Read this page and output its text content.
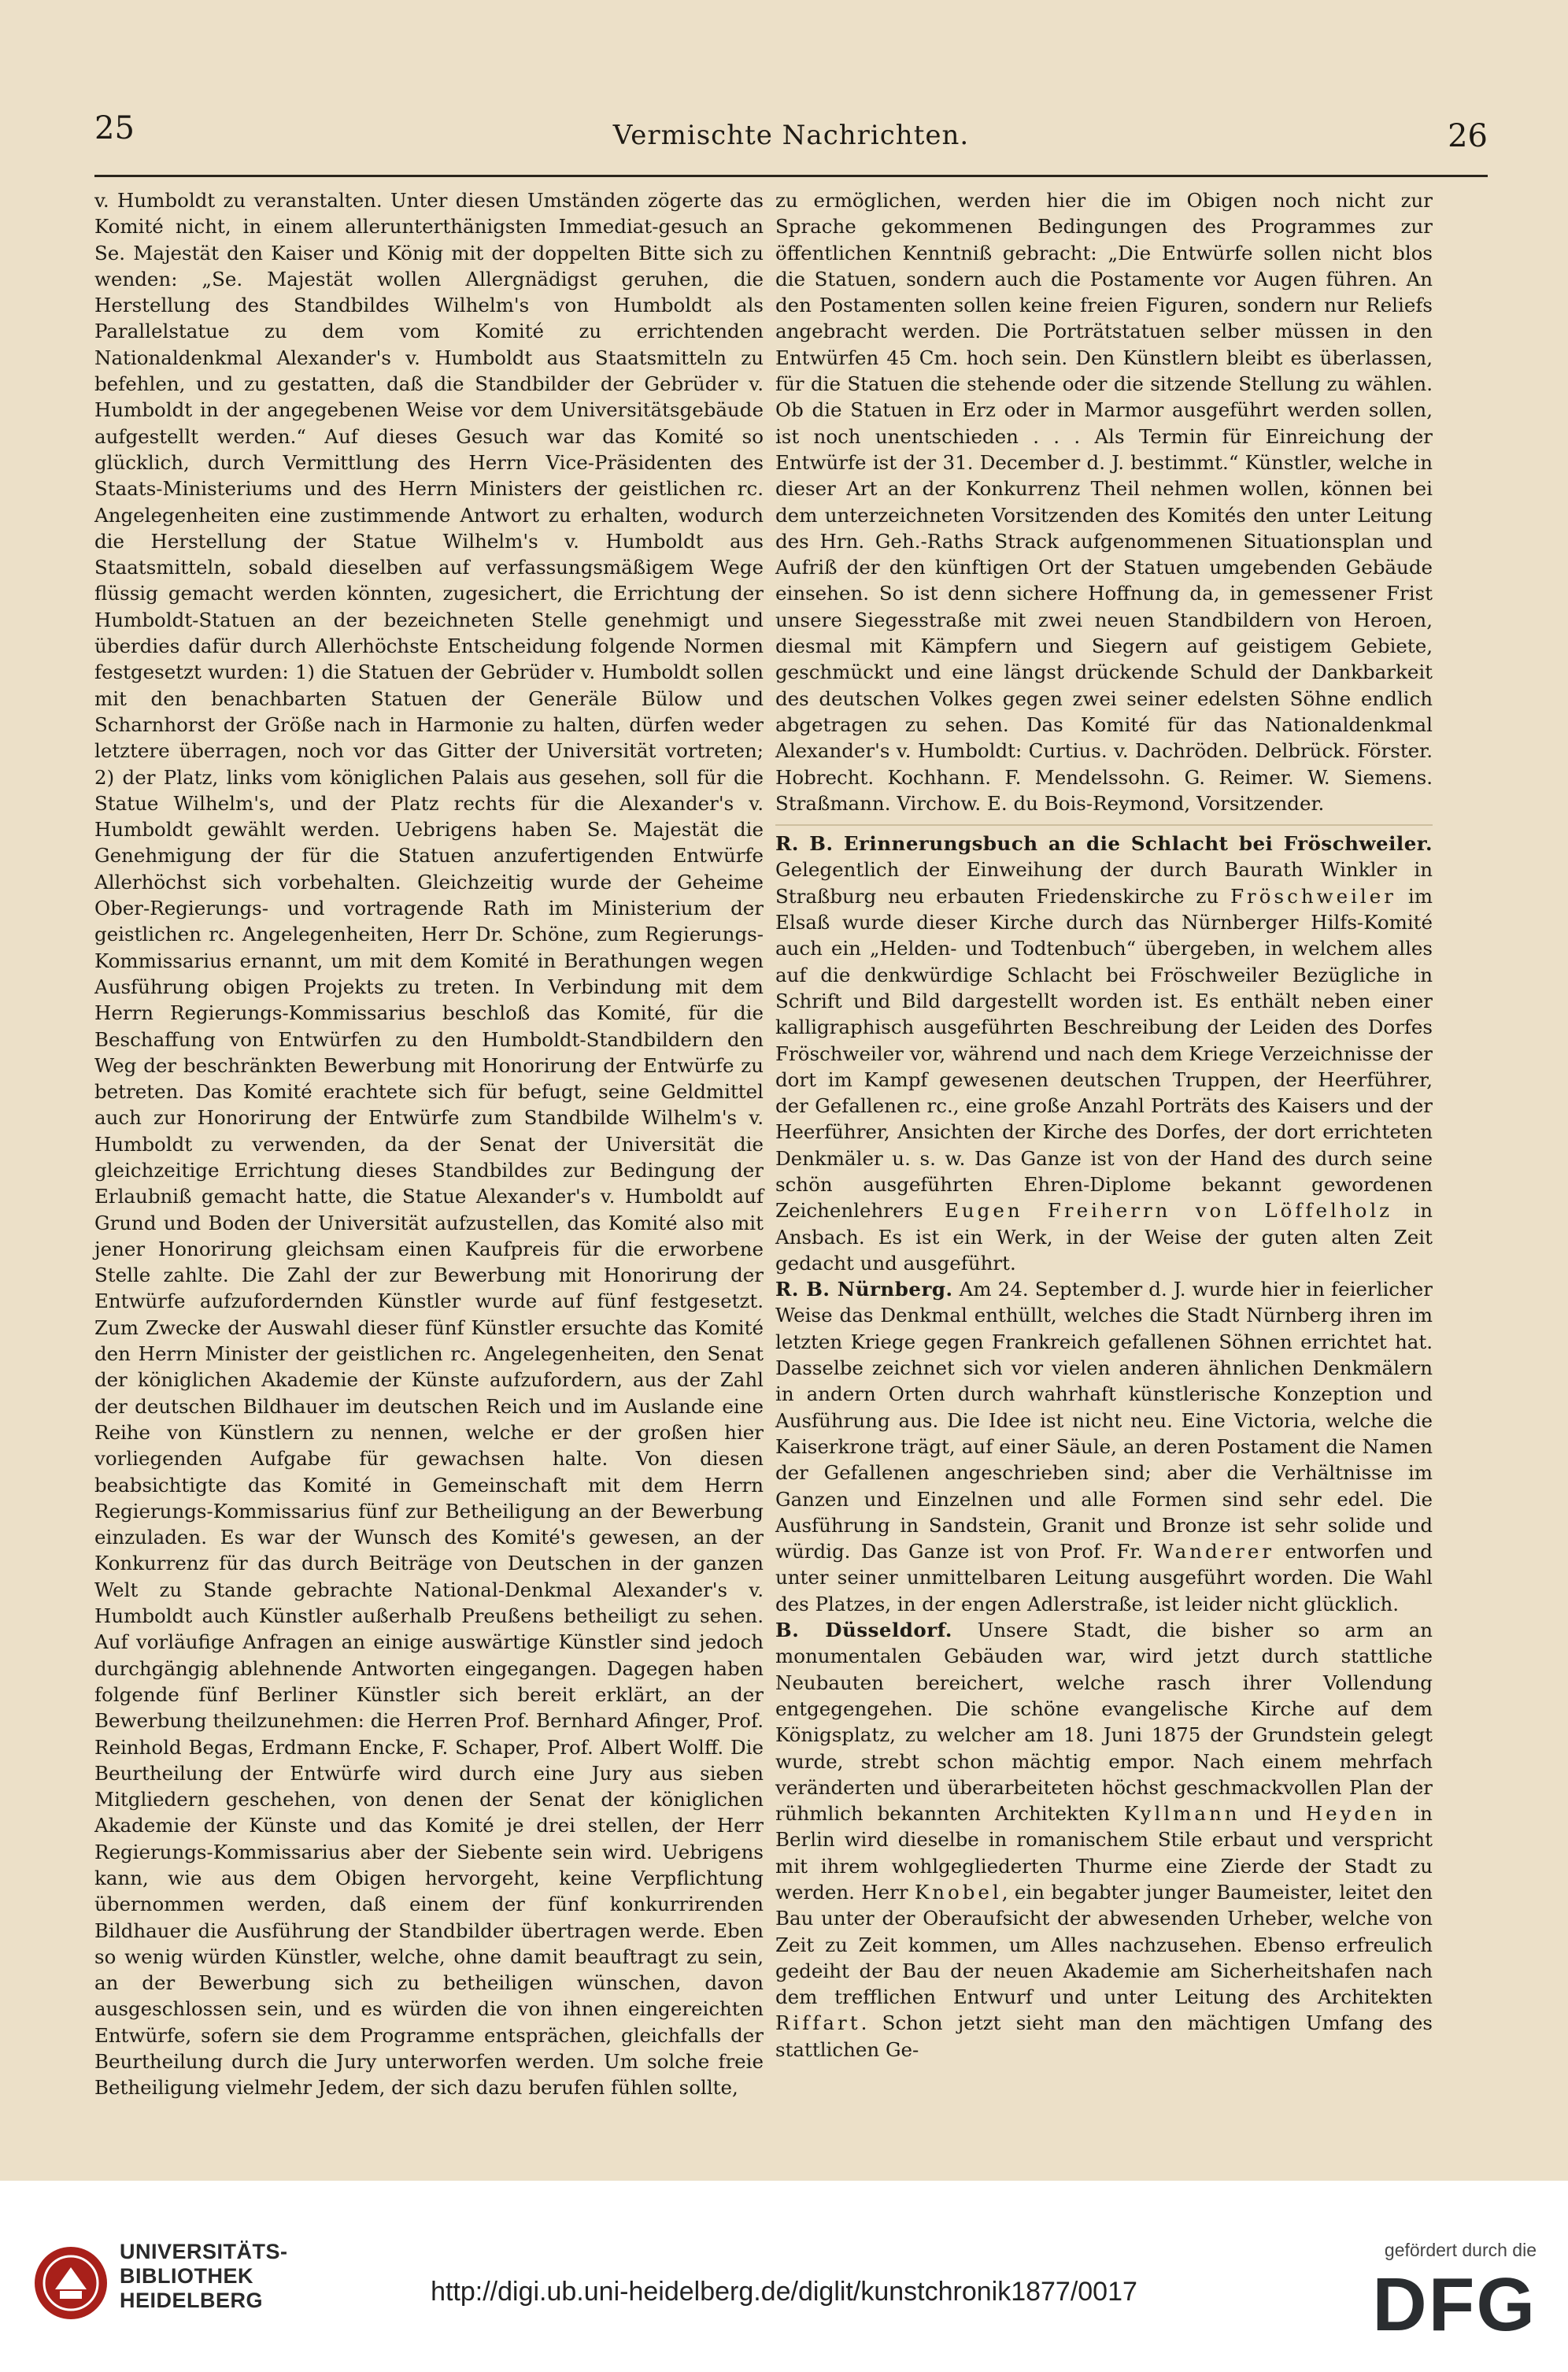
25	Vermischte Nachrichten.	26

v. Humboldt zu veranstalten. Unter diesen Umständen zögerte das Komité nicht, in einem allerunterthänigsten Immediat-gesuch an Se. Majestät den Kaiser und König mit der doppelten Bitte sich zu wenden: „Se. Majestät wollen Allergnädigst geruhen, die Herstellung des Standbildes Wilhelm's von Humboldt als Parallelstatue zu dem vom Komité zu errichtenden Nationaldenkmal Alexander's v. Humboldt aus Staatsmitteln zu befehlen, und zu gestatten, daß die Standbilder der Gebrüder v. Humboldt in der angegebenen Weise vor dem Universitätsgebäude aufgestellt werden.“ Auf dieses Gesuch war das Komité so glücklich, durch Vermittlung des Herrn Vice-Präsidenten des Staats-Ministeriums und des Herrn Ministers der geistlichen rc. Angelegenheiten eine zustimmende Antwort zu erhalten, wodurch die Herstellung der Statue Wilhelm's v. Humboldt aus Staatsmitteln, sobald dieselben auf verfassungsmäßigem Wege flüssig gemacht werden könnten, zugesichert, die Errichtung der Humboldt-Statuen an der bezeichneten Stelle genehmigt und überdies dafür durch Allerhöchste Entscheidung folgende Normen festgesetzt wurden: 1) die Statuen der Gebrüder v. Humboldt sollen mit den benachbarten Statuen der Generäle Bülow und Scharnhorst der Größe nach in Harmonie zu halten, dürfen weder letztere überragen, noch vor das Gitter der Universität vortreten; 2) der Platz, links vom königlichen Palais aus gesehen, soll für die Statue Wilhelm's, und der Platz rechts für die Alexander's v. Humboldt gewählt werden. Uebrigens haben Se. Majestät die Genehmigung der für die Statuen anzufertigenden Entwürfe Allerhöchst sich vorbehalten. Gleichzeitig wurde der Geheime Ober-Regierungs- und vortragende Rath im Ministerium der geistlichen rc. Angelegenheiten, Herr Dr. Schöne, zum Regierungs-Kommissarius ernannt, um mit dem Komité in Berathungen wegen Ausführung obigen Projekts zu treten. In Verbindung mit dem Herrn Regierungs-Kommissarius beschloß das Komité, für die Beschaffung von Entwürfen zu den Humboldt-Standbildern den Weg der beschränkten Bewerbung mit Honorirung der Entwürfe zu betreten. Das Komité erachtete sich für befugt, seine Geldmittel auch zur Honorirung der Entwürfe zum Standbilde Wilhelm's v. Humboldt zu verwenden, da der Senat der Universität die gleichzeitige Errichtung dieses Standbildes zur Bedingung der Erlaubniß gemacht hatte, die Statue Alexander's v. Humboldt auf Grund und Boden der Universität aufzustellen, das Komité also mit jener Honorirung gleichsam einen Kaufpreis für die erworbene Stelle zahlte. Die Zahl der zur Bewerbung mit Honorirung der Entwürfe aufzufordernden Künstler wurde auf fünf festgesetzt. Zum Zwecke der Auswahl dieser fünf Künstler ersuchte das Komité den Herrn Minister der geistlichen rc. Angelegenheiten, den Senat der königlichen Akademie der Künste aufzufordern, aus der Zahl der deutschen Bildhauer im deutschen Reich und im Auslande eine Reihe von Künstlern zu nennen, welche er der großen hier vorliegenden Aufgabe für gewachsen halte. Von diesen beabsichtigte das Komité in Gemeinschaft mit dem Herrn Regierungs-Kommissarius fünf zur Betheiligung an der Bewerbung einzuladen. Es war der Wunsch des Komité's gewesen, an der Konkurrenz für das durch Beiträge von Deutschen in der ganzen Welt zu Stande gebrachte National-Denkmal Alexander's v. Humboldt auch Künstler außerhalb Preußens betheiligt zu sehen. Auf vorläufige Anfragen an einige auswärtige Künstler sind jedoch durchgängig ablehnende Antworten eingegangen. Dagegen haben folgende fünf Berliner Künstler sich bereit erklärt, an der Bewerbung theilzunehmen: die Herren Prof. Bernhard Afinger, Prof. Reinhold Begas, Erdmann Encke, F. Schaper, Prof. Albert Wolff. Die Beurtheilung der Entwürfe wird durch eine Jury aus sieben Mitgliedern geschehen, von denen der Senat der königlichen Akademie der Künste und das Komité je drei stellen, der Herr Regierungs-Kommissarius aber der Siebente sein wird. Uebrigens kann, wie aus dem Obigen hervorgeht, keine Verpflichtung übernommen werden, daß einem der fünf konkurrirenden Bildhauer die Ausführung der Standbilder übertragen werde. Eben so wenig würden Künstler, welche, ohne damit beauftragt zu sein, an der Bewerbung sich zu betheiligen wünschen, davon ausgeschlossen sein, und es würden die von ihnen eingereichten Entwürfe, sofern sie dem Programme entsprächen, gleichfalls der Beurtheilung durch die Jury unterworfen werden. Um solche freie Betheiligung vielmehr Jedem, der sich dazu berufen fühlen sollte,

zu ermöglichen, werden hier die im Obigen noch nicht zur Sprache gekommenen Bedingungen des Programmes zur öffentlichen Kenntniß gebracht: „Die Entwürfe sollen nicht blos die Statuen, sondern auch die Postamente vor Augen führen. An den Postamenten sollen keine freien Figuren, sondern nur Reliefs angebracht werden. Die Porträtstatuen selber müssen in den Entwürfen 45 Cm. hoch sein. Den Künstlern bleibt es überlassen, für die Statuen die stehende oder die sitzende Stellung zu wählen. Ob die Statuen in Erz oder in Marmor ausgeführt werden sollen, ist noch unentschieden . . . Als Termin für Einreichung der Entwürfe ist der 31. December d. J. bestimmt.“ Künstler, welche in dieser Art an der Konkurrenz Theil nehmen wollen, können bei dem unterzeichneten Vorsitzenden des Komités den unter Leitung des Hrn. Geh.-Raths Strack aufgenommenen Situationsplan und Aufriß der den künftigen Ort der Statuen umgebenden Gebäude einsehen. So ist denn sichere Hoffnung da, in gemessener Frist unsere Siegesstraße mit zwei neuen Standbildern von Heroen, diesmal mit Kämpfern und Siegern auf geistigem Gebiete, geschmückt und eine längst drückende Schuld der Dankbarkeit des deutschen Volkes gegen zwei seiner edelsten Söhne endlich abgetragen zu sehen. Das Komité für das Nationaldenkmal Alexander's v. Humboldt: Curtius. v. Dachröden. Delbrück. Förster. Hobrecht. Kochhann. F. Mendelssohn. G. Reimer. W. Siemens. Straßmann. Virchow. E. du Bois-Reymond, Vorsitzender.

R. B. Erinnerungsbuch an die Schlacht bei Fröschweiler. Gelegentlich der Einweihung der durch Baurath Winkler in Straßburg neu erbauten Friedenskirche zu Fröschweiler im Elsaß wurde dieser Kirche durch das Nürnberger Hilfs-Komité auch ein „Helden- und Todtenbuch“ übergeben, in welchem alles auf die denkwürdige Schlacht bei Fröschweiler Bezügliche in Schrift und Bild dargestellt worden ist. Es enthält neben einer kalligraphisch ausgeführten Beschreibung der Leiden des Dorfes Fröschweiler vor, während und nach dem Kriege Verzeichnisse der dort im Kampf gewesenen deutschen Truppen, der Heerführer, der Gefallenen rc., eine große Anzahl Porträts des Kaisers und der Heerführer, Ansichten der Kirche des Dorfes, der dort errichteten Denkmäler u. s. w. Das Ganze ist von der Hand des durch seine schön ausgeführten Ehren-Diplome bekannt gewordenen Zeichenlehrers Eugen Freiherrn von Löffelholz in Ansbach. Es ist ein Werk, in der Weise der guten alten Zeit gedacht und ausgeführt.

R. B. Nürnberg. Am 24. September d. J. wurde hier in feierlicher Weise das Denkmal enthüllt, welches die Stadt Nürnberg ihren im letzten Kriege gegen Frankreich gefallenen Söhnen errichtet hat. Dasselbe zeichnet sich vor vielen anderen ähnlichen Denkmälern in andern Orten durch wahrhaft künstlerische Konzeption und Ausführung aus. Die Idee ist nicht neu. Eine Victoria, welche die Kaiserkrone trägt, auf einer Säule, an deren Postament die Namen der Gefallenen angeschrieben sind; aber die Verhältnisse im Ganzen und Einzelnen und alle Formen sind sehr edel. Die Ausführung in Sandstein, Granit und Bronze ist sehr solide und würdig. Das Ganze ist von Prof. Fr. Wanderer entworfen und unter seiner unmittelbaren Leitung ausgeführt worden. Die Wahl des Platzes, in der engen Adlerstraße, ist leider nicht glücklich.

B. Düsseldorf. Unsere Stadt, die bisher so arm an monumentalen Gebäuden war, wird jetzt durch stattliche Neubauten bereichert, welche rasch ihrer Vollendung entgegengehen. Die schöne evangelische Kirche auf dem Königsplatz, zu welcher am 18. Juni 1875 der Grundstein gelegt wurde, strebt schon mächtig empor. Nach einem mehrfach veränderten und überarbeiteten höchst geschmackvollen Plan der rühmlich bekannten Architekten Kyllmann und Heyden in Berlin wird dieselbe in romanischem Stile erbaut und verspricht mit ihrem wohlgegliederten Thurme eine Zierde der Stadt zu werden. Herr Knobel, ein begabter junger Baumeister, leitet den Bau unter der Oberaufsicht der abwesenden Urheber, welche von Zeit zu Zeit kommen, um Alles nachzusehen. Ebenso erfreulich gedeiht der Bau der neuen Akademie am Sicherheitshafen nach dem trefflichen Entwurf und unter Leitung des Architekten Riffart. Schon jetzt sieht man den mächtigen Umfang des stattlichen Ge-

UNIVERSITÄTS-
BIBLIOTHEK
HEIDELBERG	http://digi.ub.uni-heidelberg.de/diglit/kunstchronik1877/0017
gefördert durch die
DFG
